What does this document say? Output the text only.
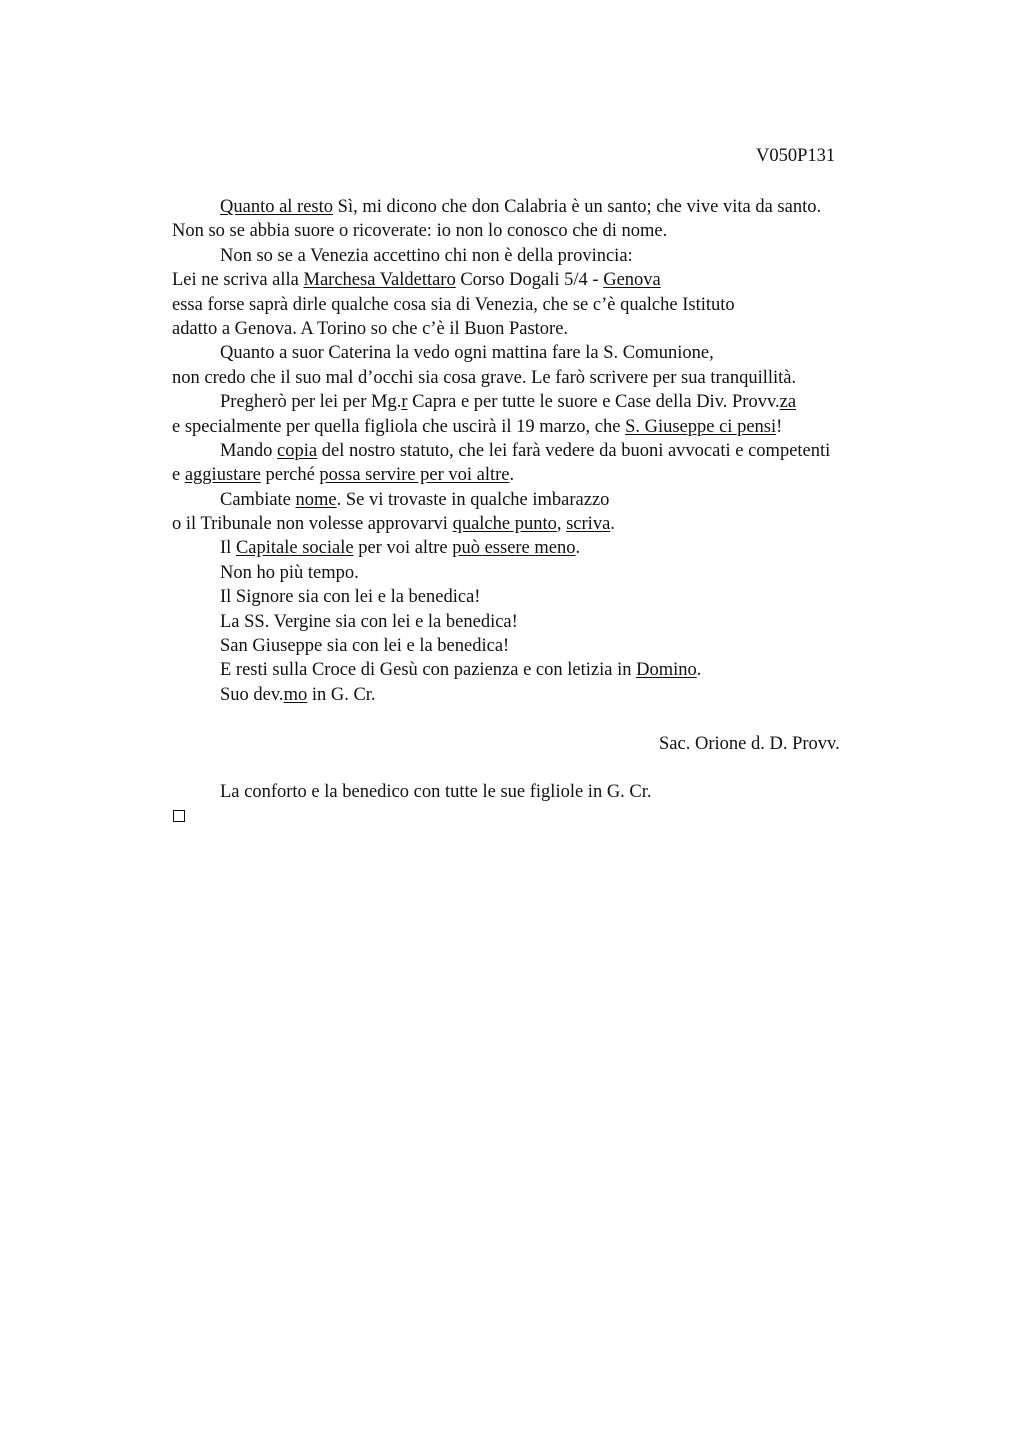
V050P131
Quanto al resto Sì, mi dicono che don Calabria è un santo; che vive vita da santo.
Non so se abbia suore o ricoverate: io non lo conosco che di nome.
Non so se a Venezia accettino chi non è della provincia:
Lei ne scriva alla Marchesa Valdettaro Corso Dogali 5/4 - Genova
essa forse saprà dirle qualche cosa sia di Venezia, che se c’è qualche Istituto
adatto a Genova. A Torino so che c’è il Buon Pastore.
Quanto a suor Caterina la vedo ogni mattina fare la S. Comunione,
non credo che il suo mal d’occhi sia cosa grave. Le farò scrivere per sua tranquillità.
Pregherò per lei per Mg.r Capra e per tutte le suore e Case della Div. Provv.za
e specialmente per quella figliola che uscirà il 19 marzo, che S. Giuseppe ci pensi!
Mando copia del nostro statuto, che lei farà vedere da buoni avvocati e competenti
e aggiustare perché possa servire per voi altre.
Cambiate nome. Se vi trovaste in qualche imbarazzo
o il Tribunale non volesse approvarvi qualche punto, scriva.
Il Capitale sociale per voi altre può essere meno.
Non ho più tempo.
Il Signore sia con lei e la benedica!
La SS. Vergine sia con lei e la benedica!
San Giuseppe sia con lei e la benedica!
E resti sulla Croce di Gesù con pazienza e con letizia in Domino.
Suo dev.mo in G. Cr.
Sac. Orione d. D. Provv.
La conforto e la benedico con tutte le sue figliole in G. Cr.
